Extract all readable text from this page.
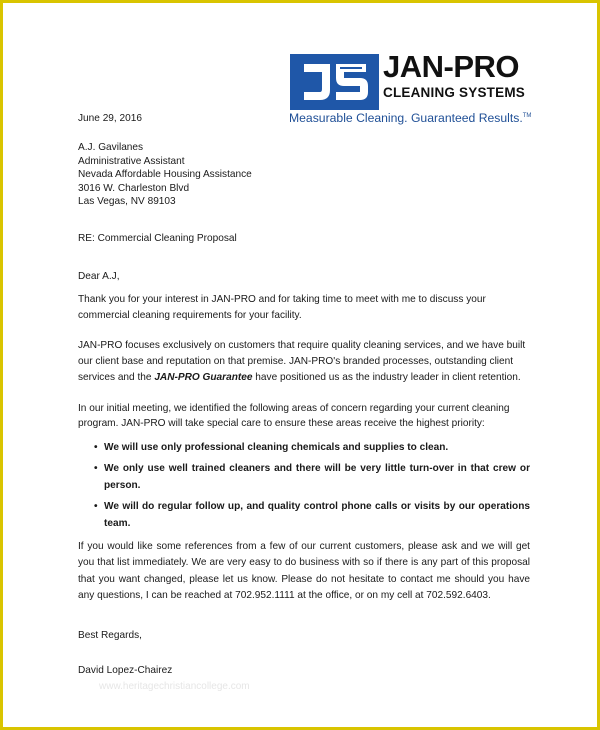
JAN-PRO
CLEANING SYSTEMS
Measurable Cleaning. Guaranteed Results.™
June 29, 2016
A.J. Gavilanes
Administrative Assistant
Nevada Affordable Housing Assistance
3016 W. Charleston Blvd
Las Vegas, NV 89103
RE: Commercial Cleaning Proposal
Dear A.J,

Thank you for your interest in JAN-PRO and for taking time to meet with me to discuss your commercial cleaning requirements for your facility.

JAN-PRO focuses exclusively on customers that require quality cleaning services, and we have built our client base and reputation on that premise. JAN-PRO's branded processes, outstanding client services and the JAN-PRO Guarantee have positioned us as the industry leader in client retention.

In our initial meeting, we identified the following areas of concern regarding your current cleaning program. JAN-PRO will take special care to ensure these areas receive the highest priority:

• We will use only professional cleaning chemicals and supplies to clean.
• We only use well trained cleaners and there will be very little turn-over in that crew or person.
• We will do regular follow up, and quality control phone calls or visits by our operations team.

If you would like some references from a few of our current customers, please ask and we will get you that list immediately. We are very easy to do business with so if there is any part of this proposal that you want changed, please let us know. Please do not hesitate to contact me should you have any questions, I can be reached at 702.952.1111 at the office, or on my cell at 702.592.6403.

Best Regards,
David Lopez-Chairez
www.heritagechristiancollege.com
